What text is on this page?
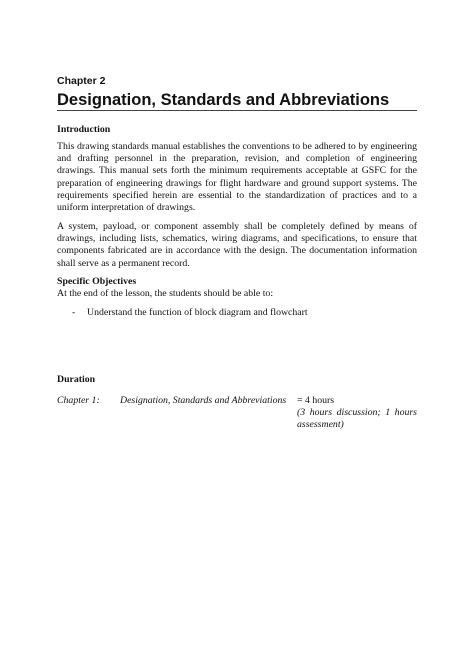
Chapter 2
Designation, Standards and Abbreviations
Introduction

This drawing standards manual establishes the conventions to be adhered to by engineering and drafting personnel in the preparation, revision, and completion of engineering drawings. This manual sets forth the minimum requirements acceptable at GSFC for the preparation of engineering drawings for flight hardware and ground support systems. The requirements specified herein are essential to the standardization of practices and to a uniform interpretation of drawings.

A system, payload, or component assembly shall be completely defined by means of drawings, including lists, schematics, wiring diagrams, and specifications, to ensure that components fabricated are in accordance with the design. The documentation information shall serve as a permanent record.

Specific Objectives
At the end of the lesson, the students should be able to:
- Understand the function of block diagram and flowchart
Duration
Chapter 1: Designation, Standards and Abbreviations = 4 hours
(3 hours discussion; 1 hours assessment)
